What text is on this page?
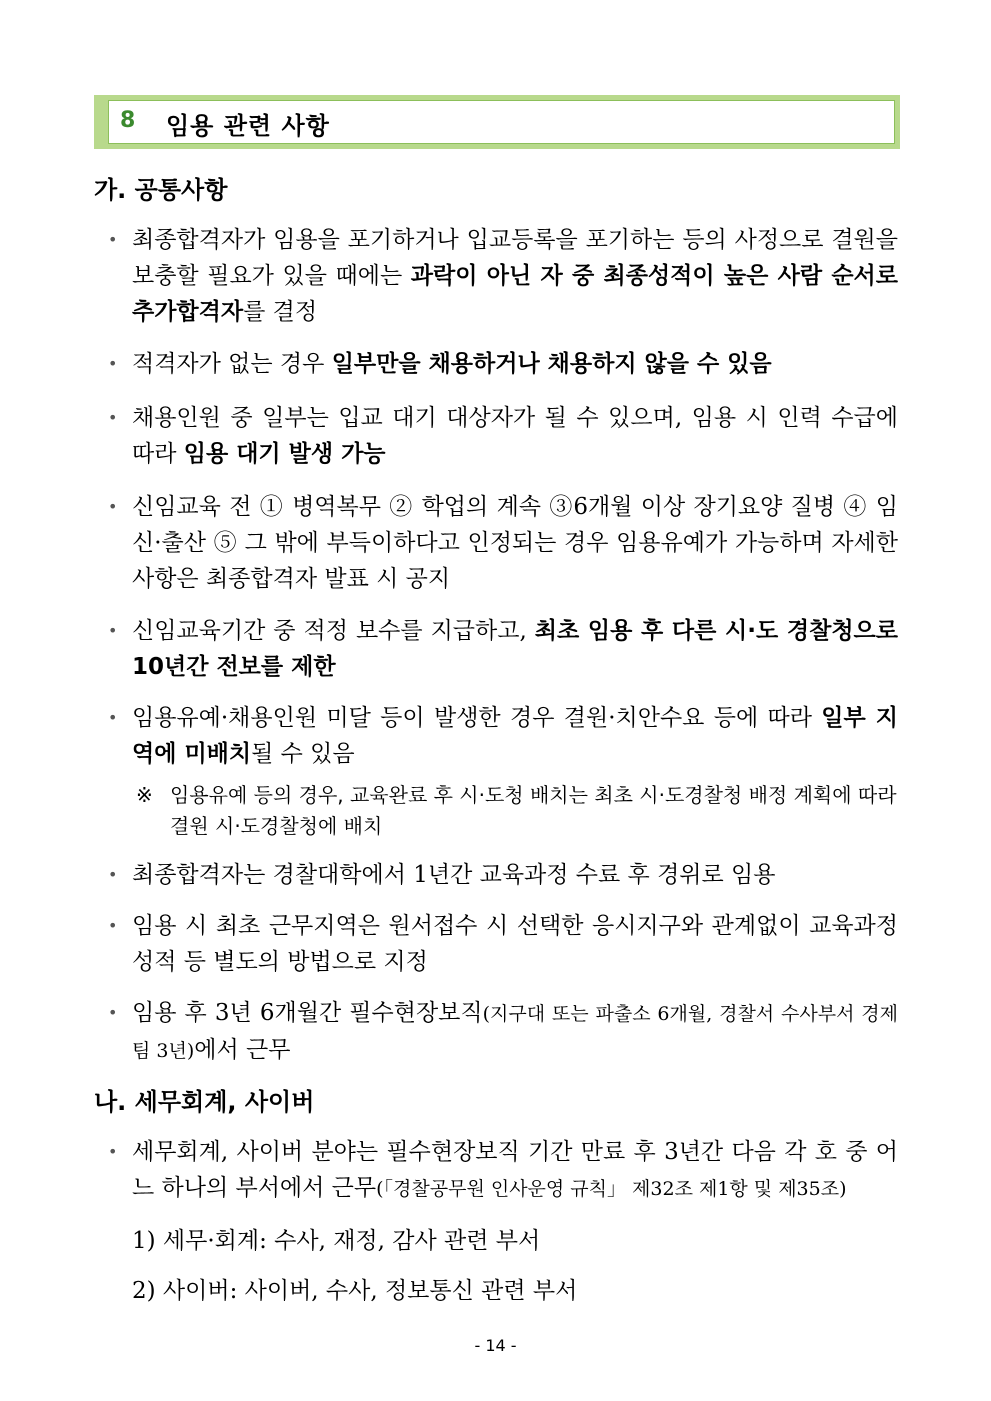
8 임용 관련 사항
가. 공통사항
• 최종합격자가 임용을 포기하거나 입교등록을 포기하는 등의 사정으로 결원을 보충할 필요가 있을 때에는 과락이 아닌 자 중 최종성적이 높은 사람 순서로 추가합격자를 결정
• 적격자가 없는 경우 일부만을 채용하거나 채용하지 않을 수 있음
• 채용인원 중 일부는 입교 대기 대상자가 될 수 있으며, 임용 시 인력 수급에 따라 임용 대기 발생 가능
• 신임교육 전 ① 병역복무 ② 학업의 계속 ③6개월 이상 장기요양 질병 ④ 임신·출산 ⑤ 그 밖에 부득이하다고 인정되는 경우 임용유예가 가능하며 자세한 사항은 최종합격자 발표 시 공지
• 신임교육기간 중 적정 보수를 지급하고, 최초 임용 후 다른 시·도 경찰청으로 10년간 전보를 제한
• 임용유예·채용인원 미달 등이 발생한 경우 결원·치안수요 등에 따라 일부 지역에 미배치될 수 있음
※ 임용유예 등의 경우, 교육완료 후 시·도청 배치는 최초 시·도경찰청 배정 계획에 따라 결원 시·도경찰청에 배치
• 최종합격자는 경찰대학에서 1년간 교육과정 수료 후 경위로 임용
• 임용 시 최초 근무지역은 원서접수 시 선택한 응시지구와 관계없이 교육과정 성적 등 별도의 방법으로 지정
• 임용 후 3년 6개월간 필수현장보직(지구대 또는 파출소 6개월, 경찰서 수사부서 경제팀 3년)에서 근무
나. 세무회계, 사이버
• 세무회계, 사이버 분야는 필수현장보직 기간 만료 후 3년간 다음 각 호 중 어느 하나의 부서에서 근무(「경찰공무원 인사운영 규칙」 제32조 제1항 및 제35조)
1) 세무·회계: 수사, 재정, 감사 관련 부서
2) 사이버: 사이버, 수사, 정보통신 관련 부서
- 14 -
